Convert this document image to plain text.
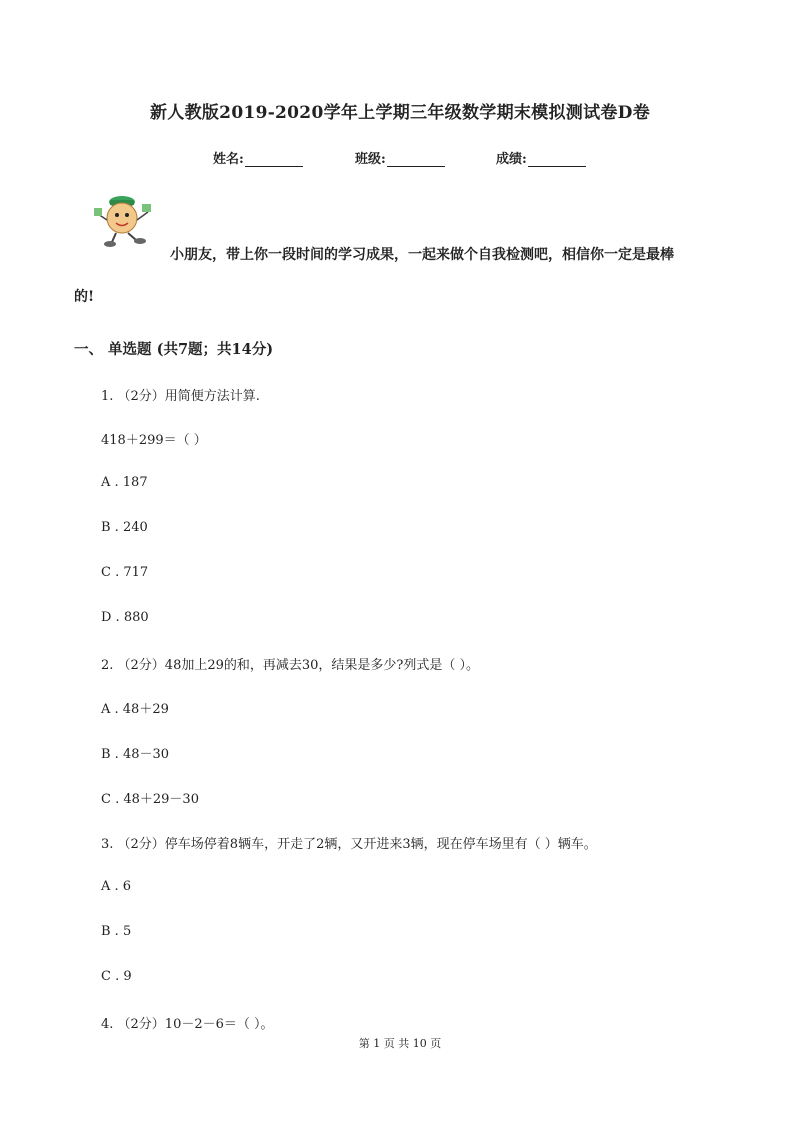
新人教版2019-2020学年上学期三年级数学期末模拟测试卷D卷
姓名:	班级:	成绩:
小朋友，带上你一段时间的学习成果，一起来做个自我检测吧，相信你一定是最棒
的!
一、 单选题 (共7题；共14分)
1. （2分）用简便方法计算.
418＋299＝（ ）
A . 187
B . 240
C . 717
D . 880
2. （2分）48加上29的和，再减去30，结果是多少?列式是（ ）。
A . 48＋29
B . 48－30
C . 48＋29－30
3. （2分）停车场停着8辆车，开走了2辆，又开进来3辆，现在停车场里有（ ）辆车。
A . 6
B . 5
C . 9
4. （2分）10－2－6＝（ ）。
第 1 页 共 10 页
